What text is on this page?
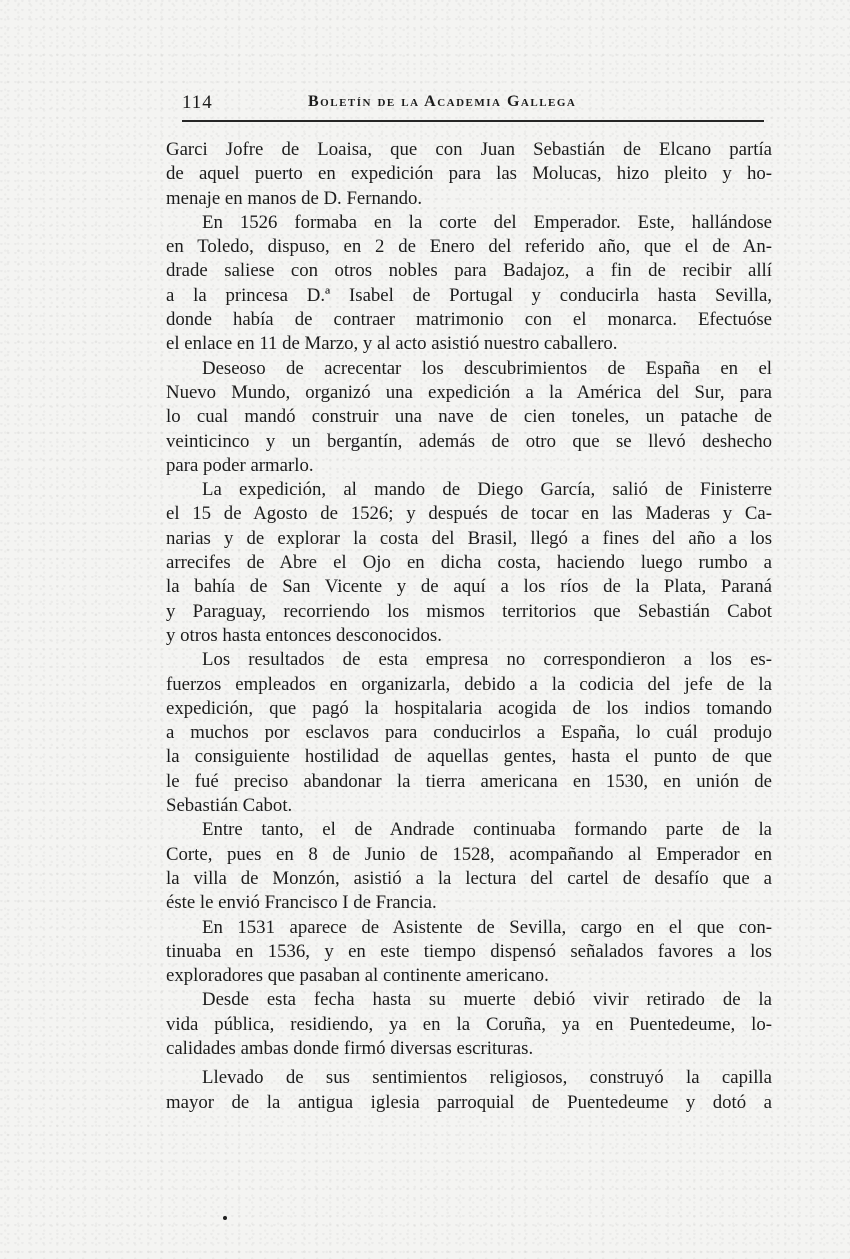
114	Boletín de la Academia Gallega
Garci Jofre de Loaisa, que con Juan Sebastián de Elcano partía
de aquel puerto en expedición para las Molucas, hizo pleito y ho-
menaje en manos de D. Fernando.
En 1526 formaba en la corte del Emperador. Este, hallándose
en Toledo, dispuso, en 2 de Enero del referido año, que el de An-
drade saliese con otros nobles para Badajoz, a fin de recibir allí
a la princesa D.ª Isabel de Portugal y conducirla hasta Sevilla,
donde había de contraer matrimonio con el monarca. Efectuóse
el enlace en 11 de Marzo, y al acto asistió nuestro caballero.
Deseoso de acrecentar los descubrimientos de España en el
Nuevo Mundo, organizó una expedición a la América del Sur, para
lo cual mandó construir una nave de cien toneles, un patache de
veinticinco y un bergantín, además de otro que se llevó deshecho
para poder armarlo.
La expedición, al mando de Diego García, salió de Finisterre
el 15 de Agosto de 1526; y después de tocar en las Maderas y Ca-
narias y de explorar la costa del Brasil, llegó a fines del año a los
arrecifes de Abre el Ojo en dicha costa, haciendo luego rumbo a
la bahía de San Vicente y de aquí a los ríos de la Plata, Paraná
y Paraguay, recorriendo los mismos territorios que Sebastián Cabot
y otros hasta entonces desconocidos.
Los resultados de esta empresa no correspondieron a los es-
fuerzos empleados en organizarla, debido a la codicia del jefe de la
expedición, que pagó la hospitalaria acogida de los indios tomando
a muchos por esclavos para conducirlos a España, lo cuál produjo
la consiguiente hostilidad de aquellas gentes, hasta el punto de que
le fué preciso abandonar la tierra americana en 1530, en unión de
Sebastián Cabot.
Entre tanto, el de Andrade continuaba formando parte de la
Corte, pues en 8 de Junio de 1528, acompañando al Emperador en
la villa de Monzón, asistió a la lectura del cartel de desafío que a
éste le envió Francisco I de Francia.
En 1531 aparece de Asistente de Sevilla, cargo en el que con-
tinuaba en 1536, y en este tiempo dispensó señalados favores a los
exploradores que pasaban al continente americano.
Desde esta fecha hasta su muerte debió vivir retirado de la
vida pública, residiendo, ya en la Coruña, ya en Puentedeume, lo-
calidades ambas donde firmó diversas escrituras.
Llevado de sus sentimientos religiosos, construyó la capilla
mayor de la antigua iglesia parroquial de Puentedeume y dotó a
